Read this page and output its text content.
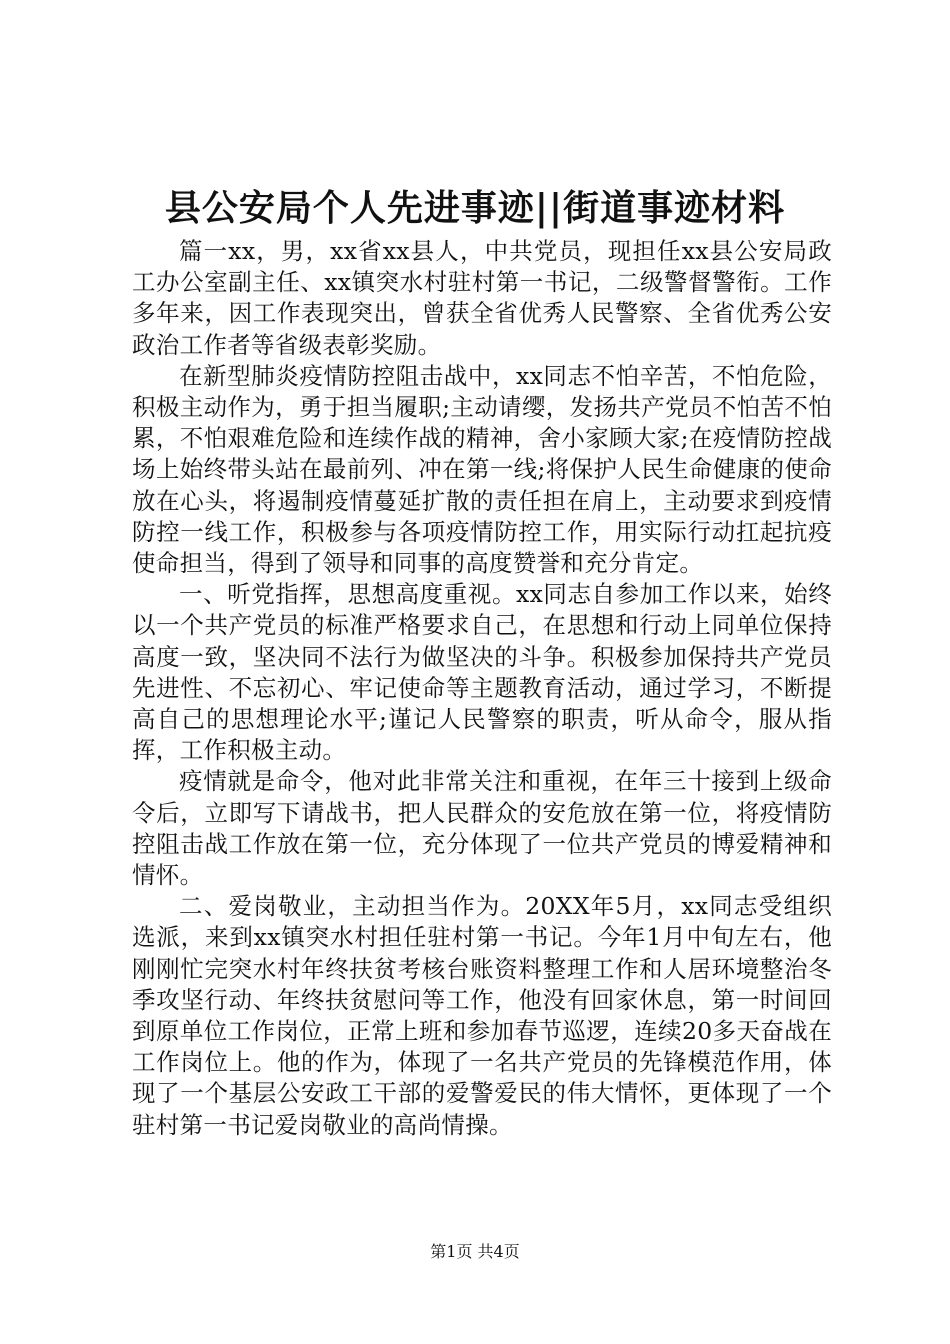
县公安局个人先进事迹||街道事迹材料

篇一xx，男，xx省xx县人，中共党员，现担任xx县公安局政工办公室副主任、xx镇突水村驻村第一书记，二级警督警衔。工作多年来，因工作表现突出，曾获全省优秀人民警察、全省优秀公安政治工作者等省级表彰奖励。

在新型肺炎疫情防控阻击战中，xx同志不怕辛苦，不怕危险，积极主动作为，勇于担当履职;主动请缨，发扬共产党员不怕苦不怕累，不怕艰难危险和连续作战的精神，舍小家顾大家;在疫情防控战场上始终带头站在最前列、冲在第一线;将保护人民生命健康的使命放在心头，将遏制疫情蔓延扩散的责任担在肩上，主动要求到疫情防控一线工作，积极参与各项疫情防控工作，用实际行动扛起抗疫使命担当，得到了领导和同事的高度赞誉和充分肯定。

一、听党指挥，思想高度重视。xx同志自参加工作以来，始终以一个共产党员的标准严格要求自己，在思想和行动上同单位保持高度一致，坚决同不法行为做坚决的斗争。积极参加保持共产党员先进性、不忘初心、牢记使命等主题教育活动，通过学习，不断提高自己的思想理论水平;谨记人民警察的职责，听从命令，服从指挥，工作积极主动。

疫情就是命令，他对此非常关注和重视，在年三十接到上级命令后，立即写下请战书，把人民群众的安危放在第一位，将疫情防控阻击战工作放在第一位，充分体现了一位共产党员的博爱精神和情怀。

二、爱岗敬业，主动担当作为。20XX年5月，xx同志受组织选派，来到xx镇突水村担任驻村第一书记。今年1月中旬左右，他刚刚忙完突水村年终扶贫考核台账资料整理工作和人居环境整治冬季攻坚行动、年终扶贫慰问等工作，他没有回家休息，第一时间回到原单位工作岗位，正常上班和参加春节巡逻，连续20多天奋战在工作岗位上。他的作为，体现了一名共产党员的先锋模范作用，体现了一个基层公安政工干部的爱警爱民的伟大情怀，更体现了一个驻村第一书记爱岗敬业的高尚情操。

第1页 共4页
